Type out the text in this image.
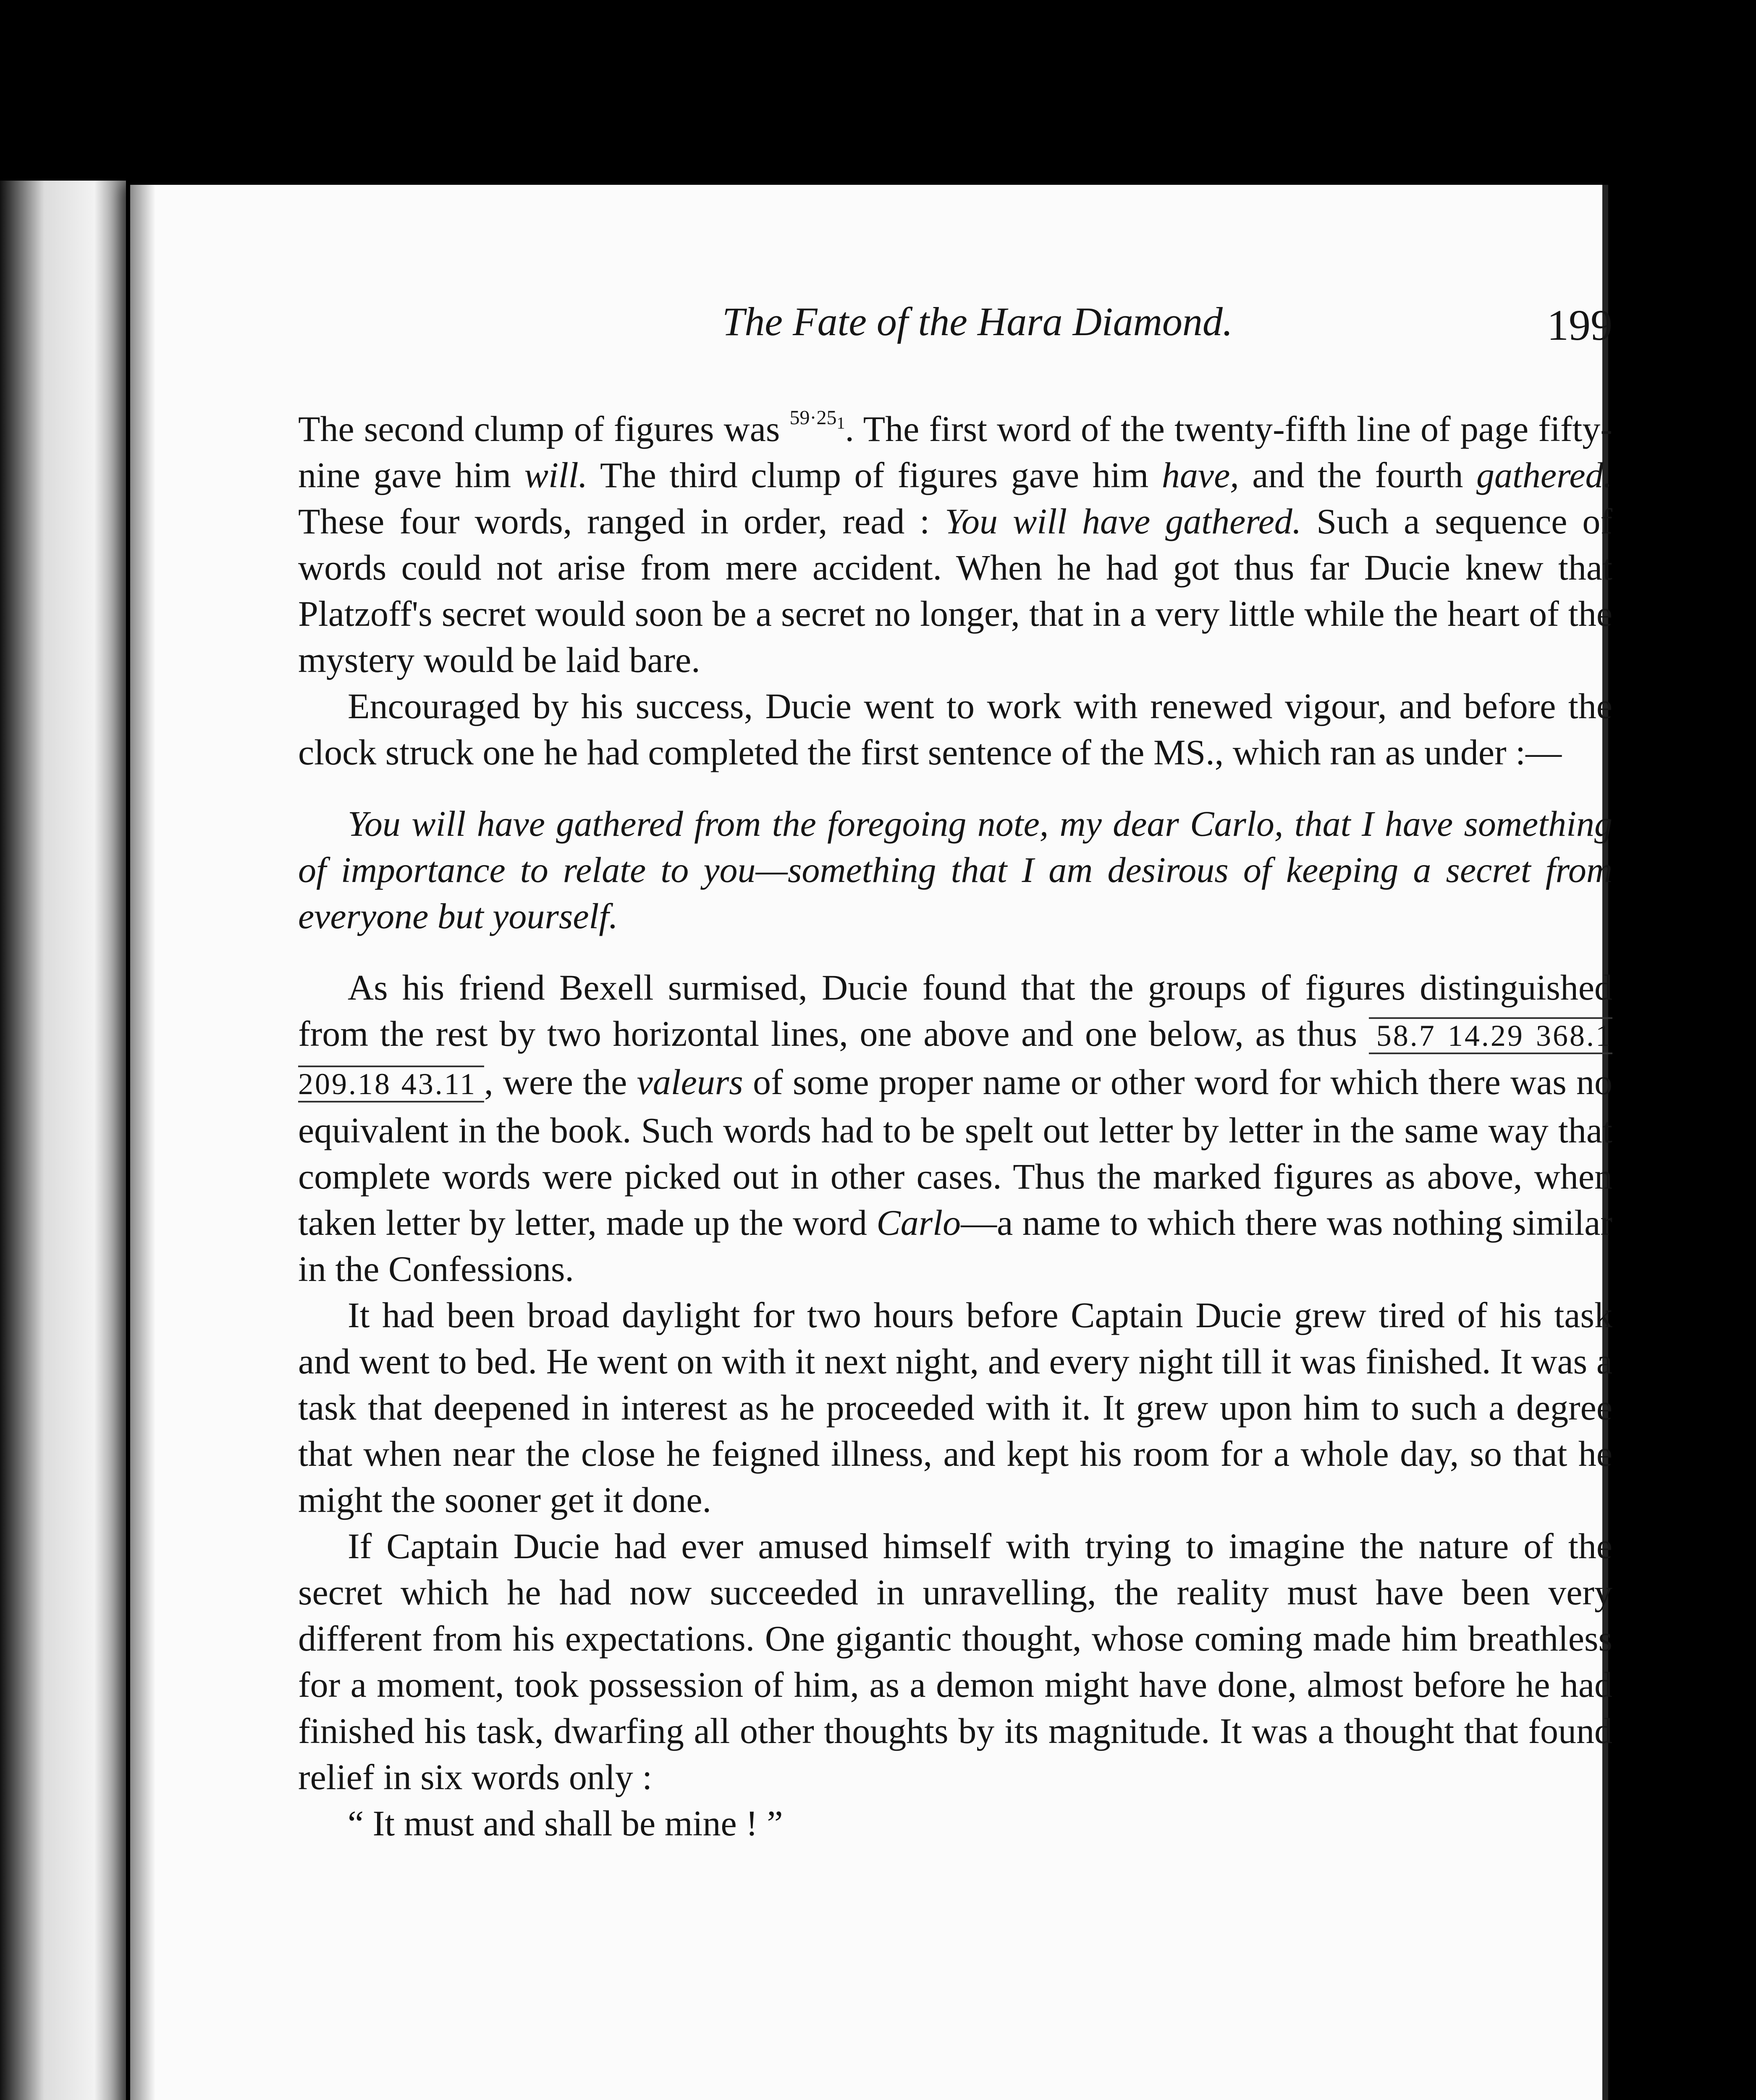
The Fate of the Hara Diamond.	199

The second clump of figures was $^{59\cdot 25_1}$. The first word of the twenty-fifth line of page fifty-nine gave him will. The third clump of figures gave him have, and the fourth gathered. These four words, ranged in order, read : You will have gathered. Such a sequence of words could not arise from mere accident. When he had got thus far Ducie knew that Platzoff's secret would soon be a secret no longer, that in a very little while the heart of the mystery would be laid bare.

Encouraged by his success, Ducie went to work with renewed vigour, and before the clock struck one he had completed the first sentence of the MS., which ran as under :—

You will have gathered from the foregoing note, my dear Carlo, that I have something of importance to relate to you—something that I am desirous of keeping a secret from everyone but yourself.

As his friend Bexell surmised, Ducie found that the groups of figures distinguished from the rest by two horizontal lines, one above and one below, as thus 58.7 14.29 368.1 209.18 43.11 , were the valeurs of some proper name or other word for which there was no equivalent in the book. Such words had to be spelt out letter by letter in the same way that complete words were picked out in other cases. Thus the marked figures as above, when taken letter by letter, made up the word Carlo—a name to which there was nothing similar in the Confessions.

It had been broad daylight for two hours before Captain Ducie grew tired of his task and went to bed. He went on with it next night, and every night till it was finished. It was a task that deepened in interest as he proceeded with it. It grew upon him to such a degree that when near the close he feigned illness, and kept his room for a whole day, so that he might the sooner get it done.

If Captain Ducie had ever amused himself with trying to imagine the nature of the secret which he had now succeeded in unravelling, the reality must have been very different from his expectations. One gigantic thought, whose coming made him breathless for a moment, took possession of him, as a demon might have done, almost before he had finished his task, dwarfing all other thoughts by its magnitude. It was a thought that found relief in six words only :

“ It must and shall be mine ! ”
